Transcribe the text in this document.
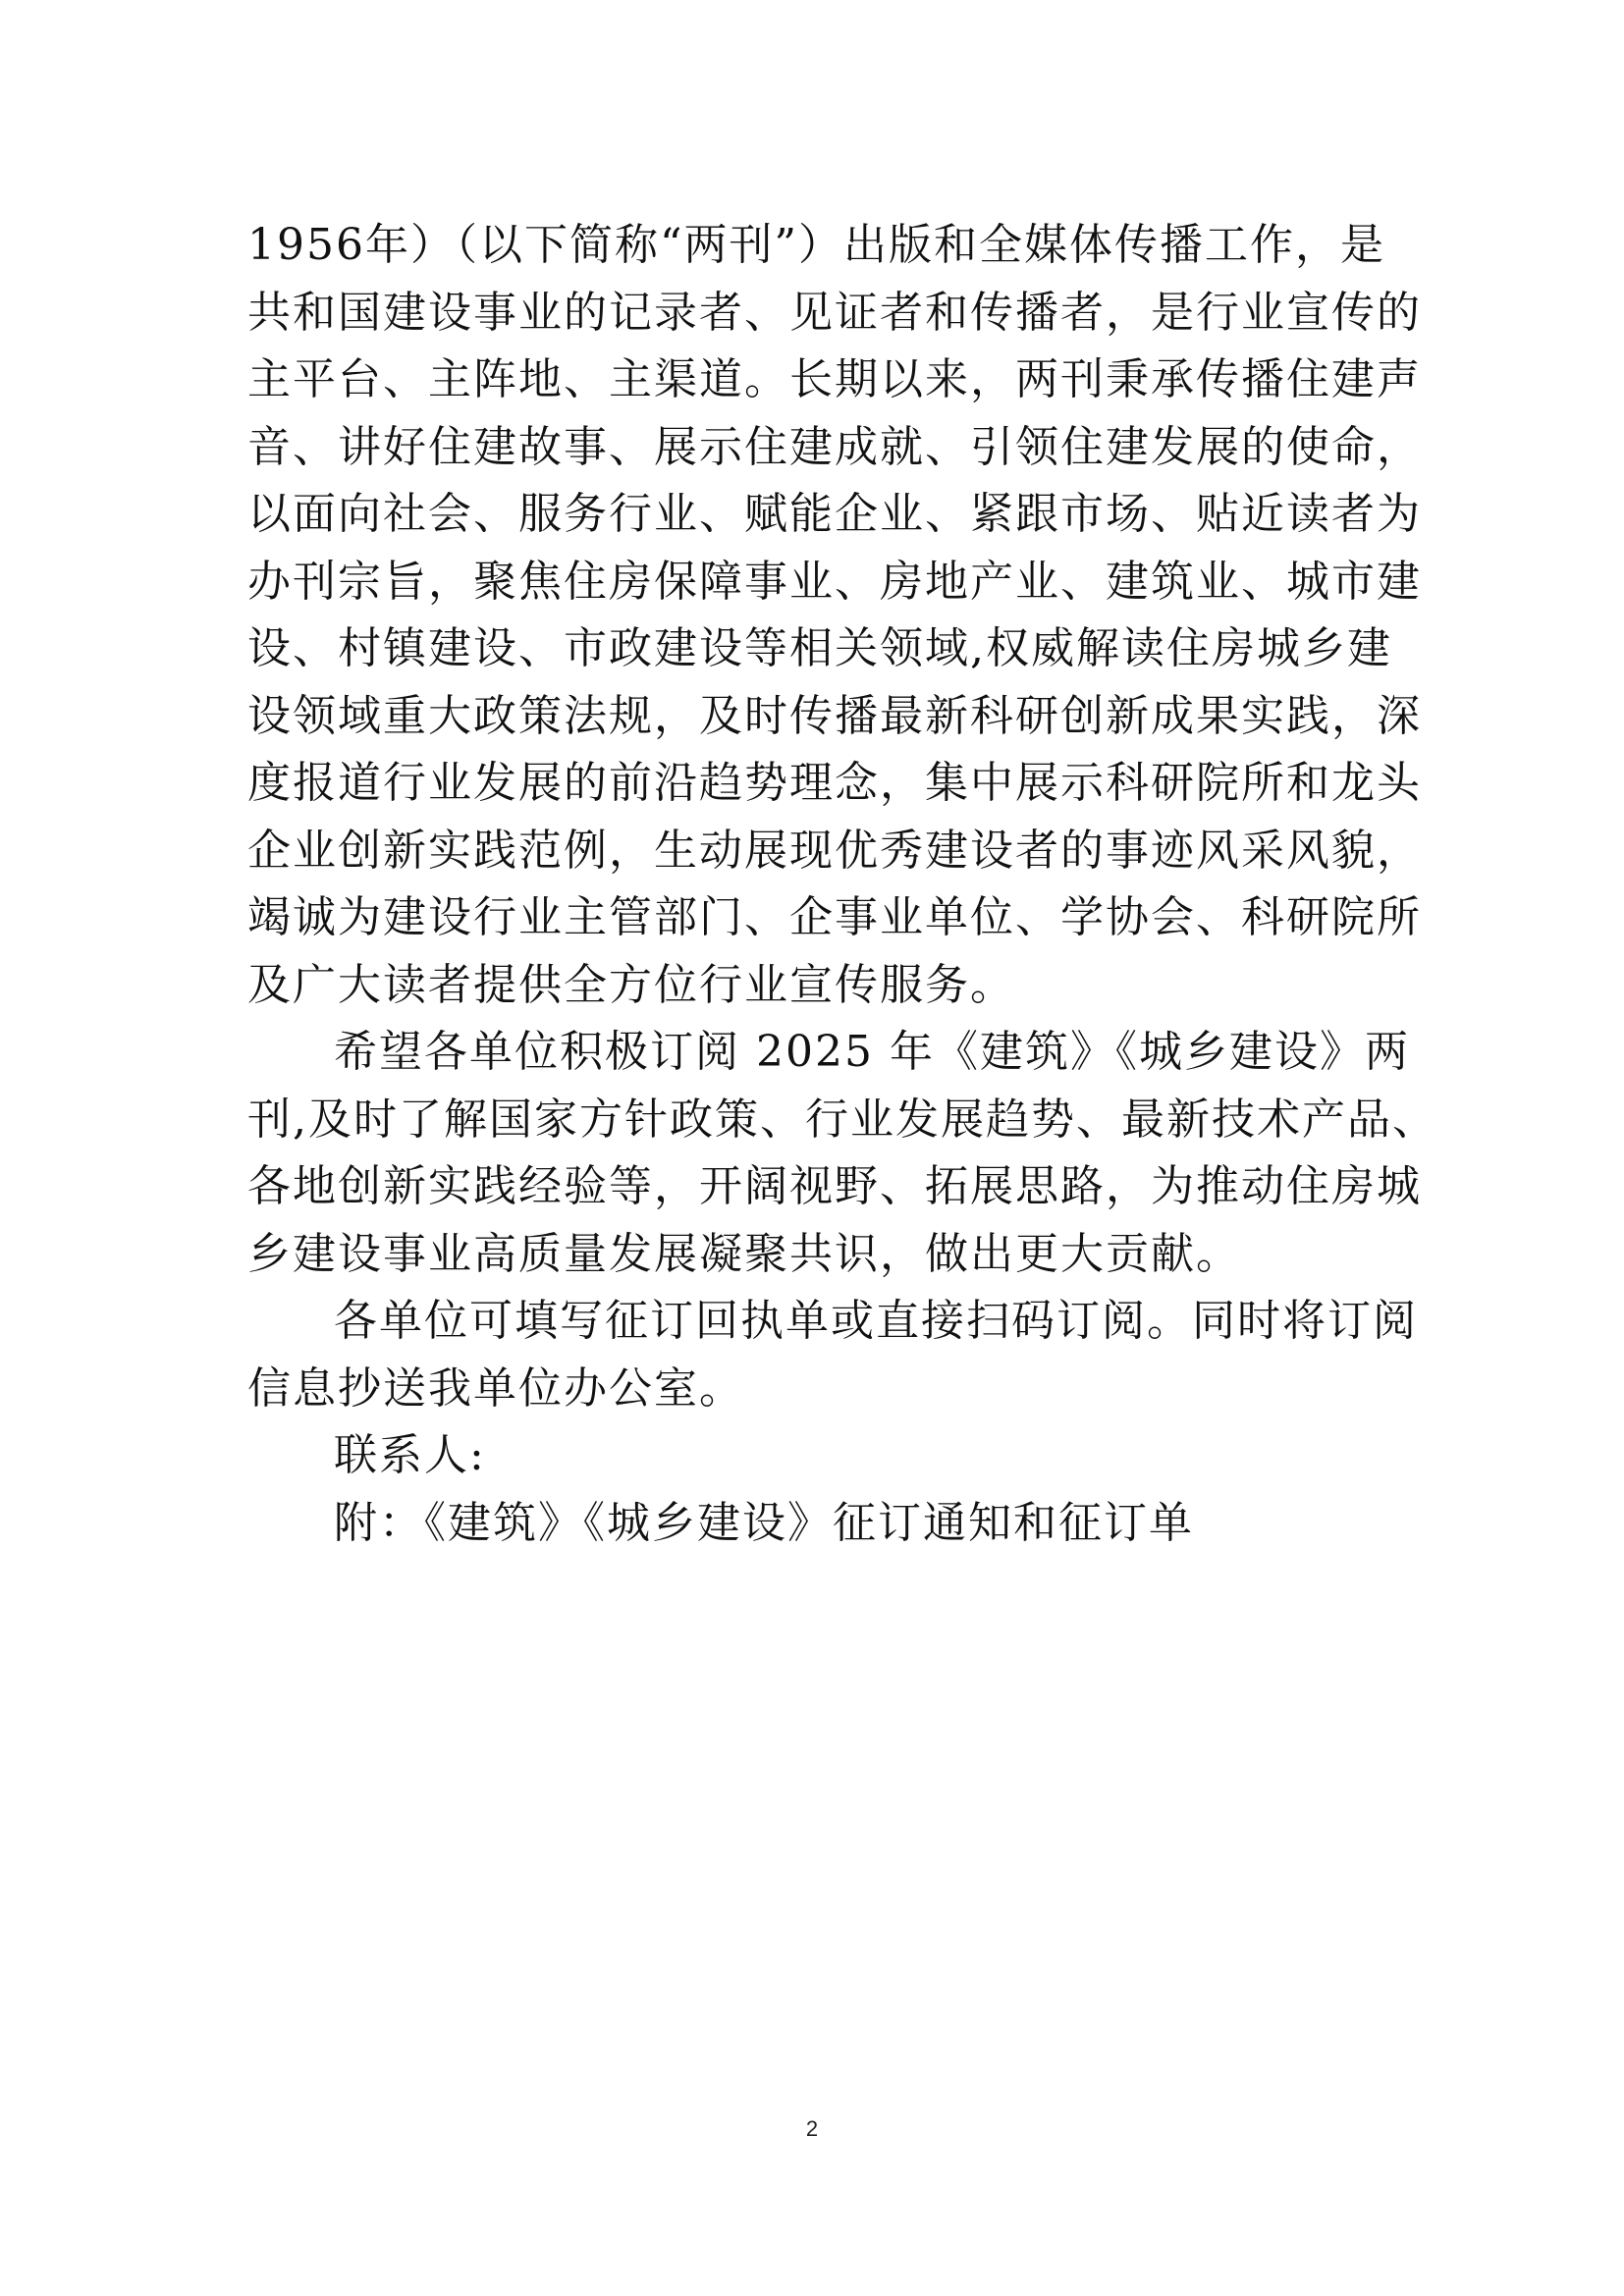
1956年）（以下简称“两刊”）出版和全媒体传播工作，是
共和国建设事业的记录者、见证者和传播者，是行业宣传的
主平台、主阵地、主渠道。长期以来，两刊秉承传播住建声
音、讲好住建故事、展示住建成就、引领住建发展的使命，
以面向社会、服务行业、赋能企业、紧跟市场、贴近读者为
办刊宗旨，聚焦住房保障事业、房地产业、建筑业、城市建
设、村镇建设、市政建设等相关领域,权威解读住房城乡建
设领域重大政策法规，及时传播最新科研创新成果实践，深
度报道行业发展的前沿趋势理念，集中展示科研院所和龙头
企业创新实践范例，生动展现优秀建设者的事迹风采风貌，
竭诚为建设行业主管部门、企事业单位、学协会、科研院所
及广大读者提供全方位行业宣传服务。

希望各单位积极订阅 2025 年《建筑》《城乡建设》两
刊,及时了解国家方针政策、行业发展趋势、最新技术产品、
各地创新实践经验等，开阔视野、拓展思路，为推动住房城
乡建设事业高质量发展凝聚共识，做出更大贡献。

各单位可填写征订回执单或直接扫码订阅。同时将订阅
信息抄送我单位办公室。

联系人:

附：《建筑》《城乡建设》征订通知和征订单

2
